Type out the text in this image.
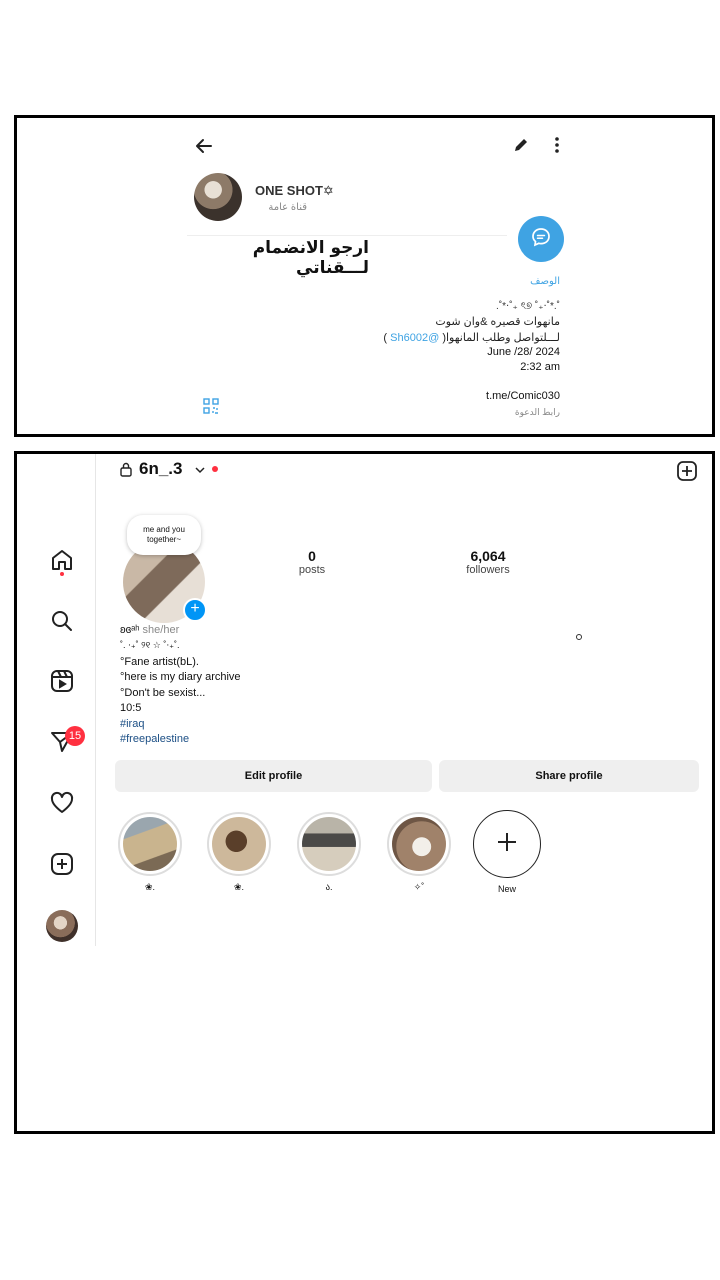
ONE SHOT✡
قناة عامة
ارجو الانضمام لـــقناتي
الوصف
˚.*˚‧₊˚ ৎ୭ ₊˚‧*˚.
مانهوات قصيره &وان شوت
لـــلتواصل وطلب المانهوا( @Sh6002 )
June /28/ 2024
2:32 am
t.me/Comic030
رابط الدعوة
6n_.3
15
+
me and you together~
0
posts
6,064
followers
ʚɞᵃʰ she/her
˚. ‧₊˚ ୨୧ ☆ ˚‧₊˚.
°Fane artist(bL).
°here is my diary archive
°Don't be sexist...
10:5
#iraq
#freepalestine
Edit profile	Share profile
❀.	❀.	ა.	✧˚	New
